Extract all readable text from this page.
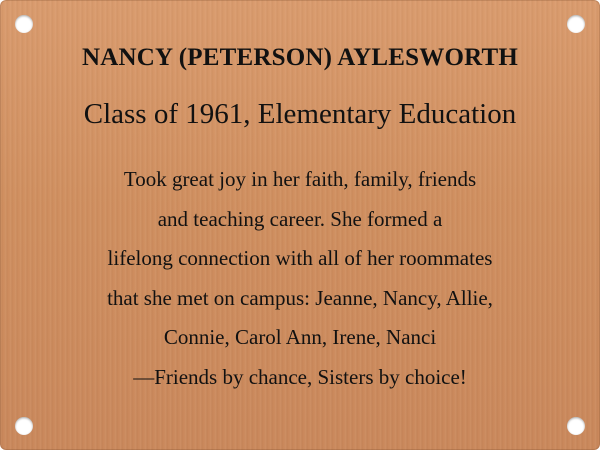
NANCY (PETERSON) AYLESWORTH
Class of 1961, Elementary Education
Took great joy in her faith, family, friends
and teaching career. She formed a
lifelong connection with all of her roommates
that she met on campus: Jeanne, Nancy, Allie,
Connie, Carol Ann, Irene, Nanci
—Friends by chance, Sisters by choice!
